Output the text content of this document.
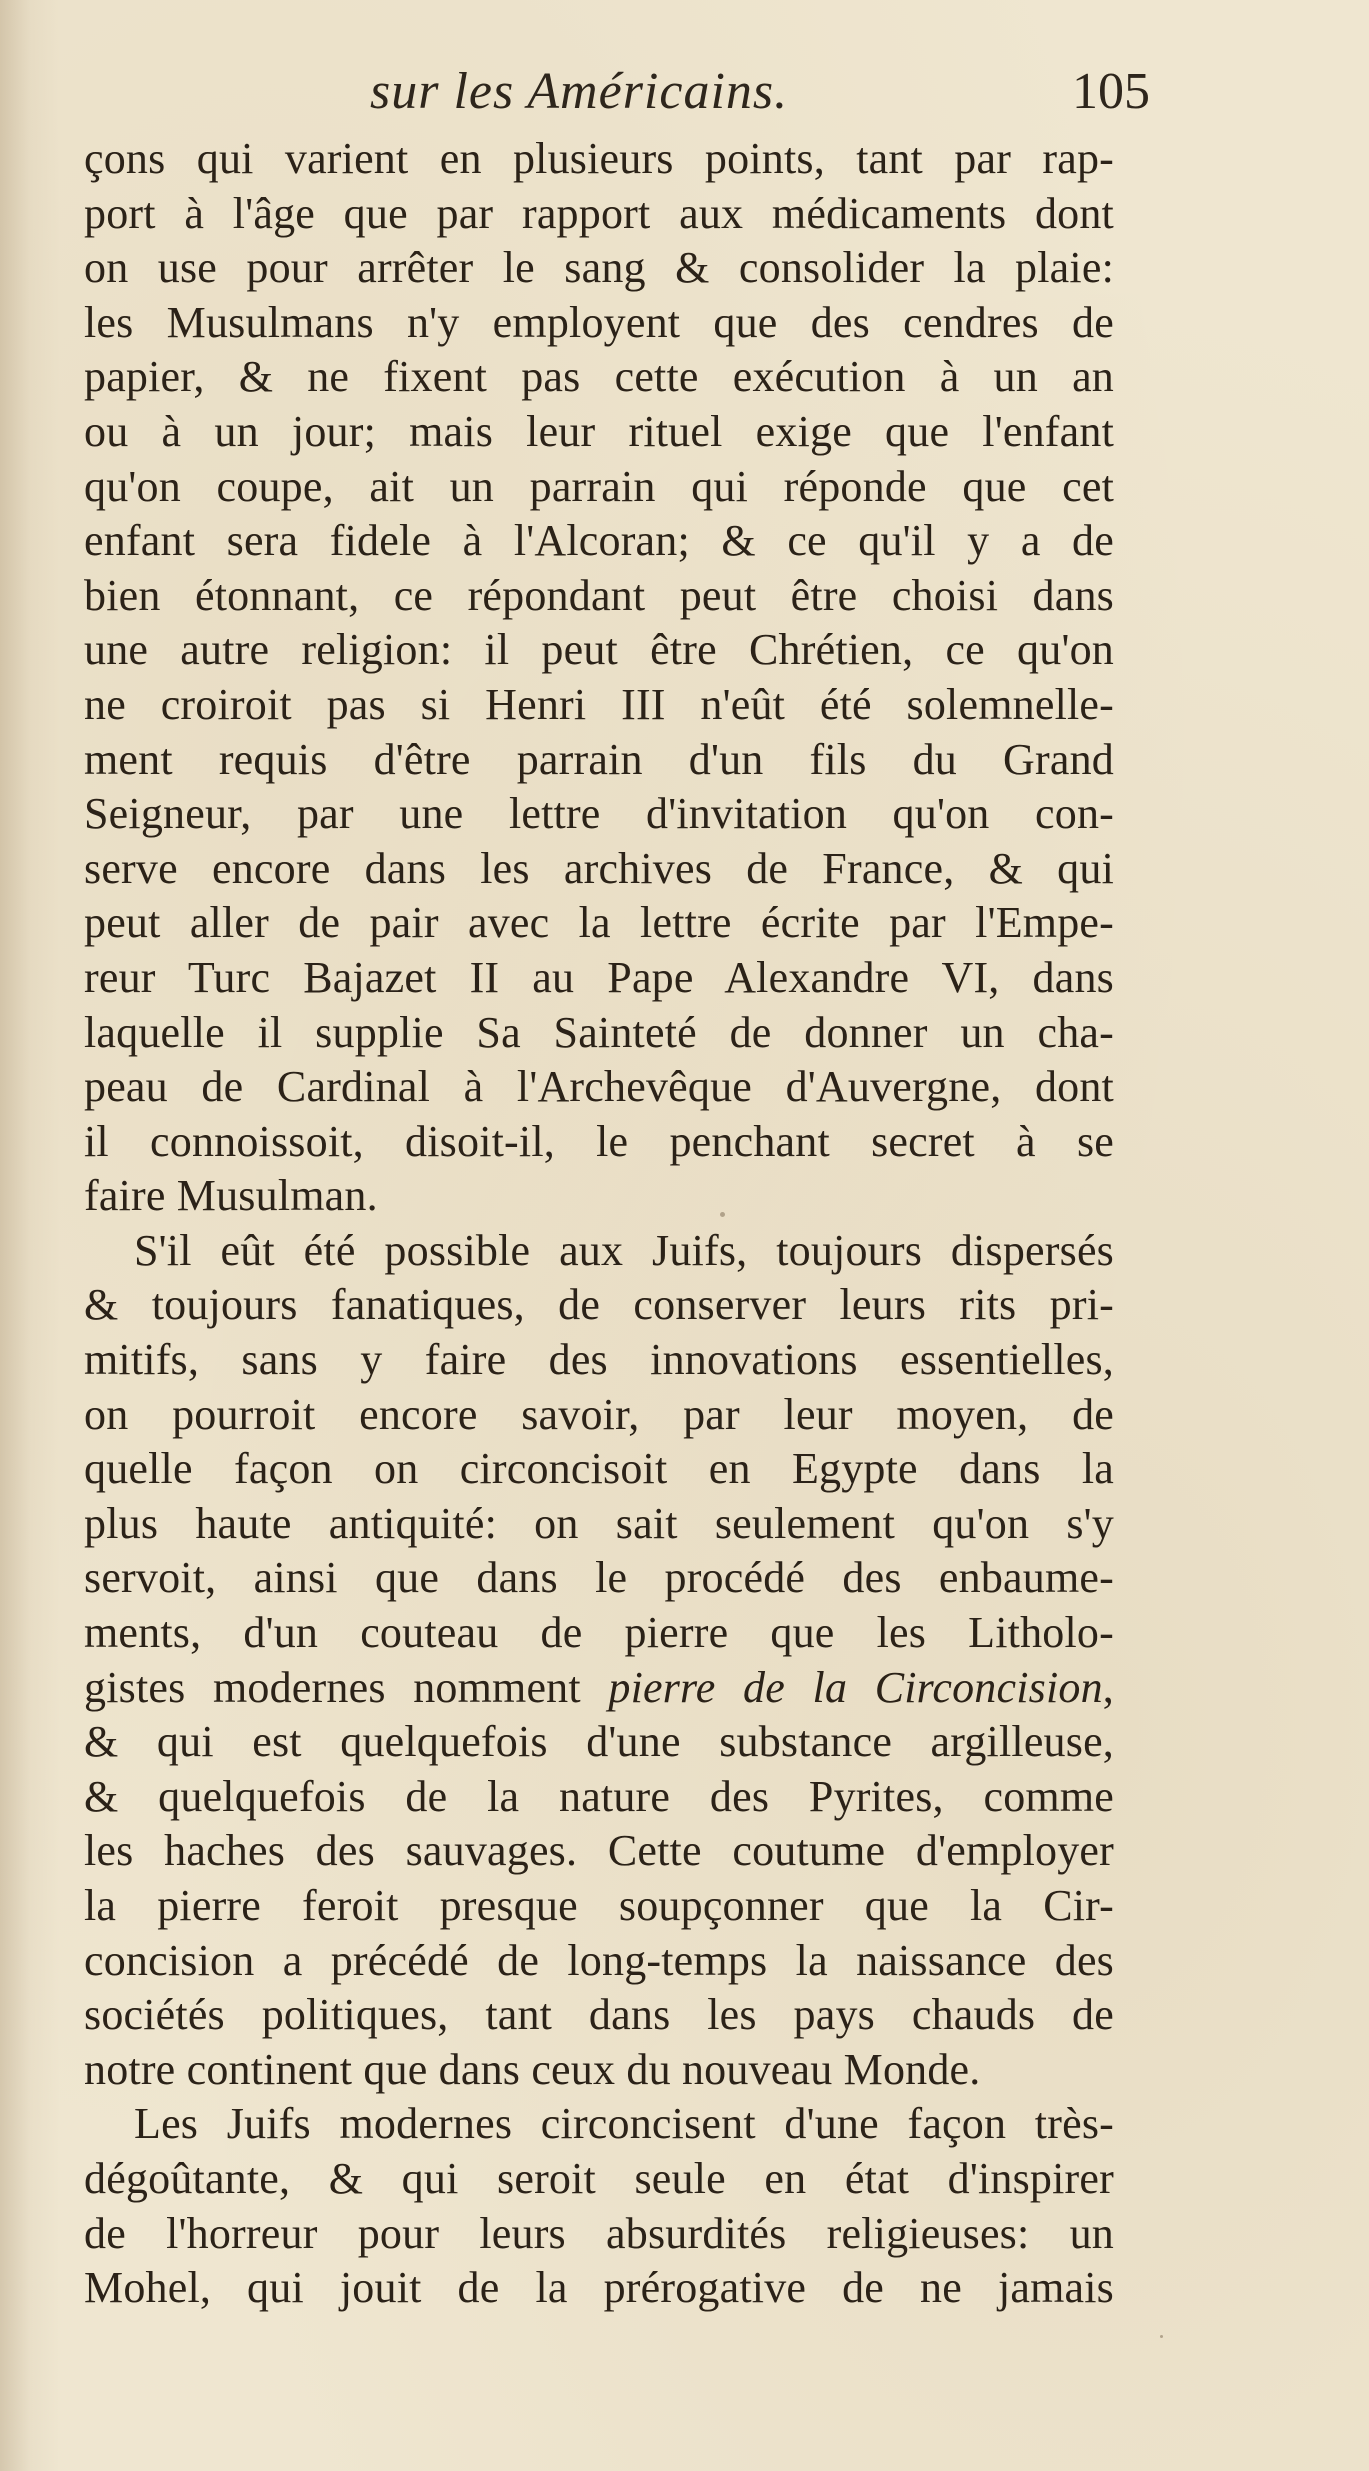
sur les Américains.	105
çons qui varient en plusieurs points, tant par rap-
port à l'âge que par rapport aux médicaments dont
on use pour arrêter le sang & consolider la plaie:
les Musulmans n'y employent que des cendres de
papier, & ne fixent pas cette exécution à un an
ou à un jour; mais leur rituel exige que l'enfant
qu'on coupe, ait un parrain qui réponde que cet
enfant sera fidele à l'Alcoran; & ce qu'il y a de
bien étonnant, ce répondant peut être choisi dans
une autre religion: il peut être Chrétien, ce qu'on
ne croiroit pas si Henri III n'eût été solemnelle-
ment requis d'être parrain d'un fils du Grand
Seigneur, par une lettre d'invitation qu'on con-
serve encore dans les archives de France, & qui
peut aller de pair avec la lettre écrite par l'Empe-
reur Turc Bajazet II au Pape Alexandre VI, dans
laquelle il supplie Sa Sainteté de donner un cha-
peau de Cardinal à l'Archevêque d'Auvergne, dont
il connoissoit, disoit-il, le penchant secret à se
faire Musulman.
S'il eût été possible aux Juifs, toujours dispersés
& toujours fanatiques, de conserver leurs rits pri-
mitifs, sans y faire des innovations essentielles,
on pourroit encore savoir, par leur moyen, de
quelle façon on circoncisoit en Egypte dans la
plus haute antiquité: on sait seulement qu'on s'y
servoit, ainsi que dans le procédé des enbaume-
ments, d'un couteau de pierre que les Litholo-
gistes modernes nomment pierre de la Circoncision,
& qui est quelquefois d'une substance argilleuse,
& quelquefois de la nature des Pyrites, comme
les haches des sauvages. Cette coutume d'employer
la pierre feroit presque soupçonner que la Cir-
concision a précédé de long-temps la naissance des
sociétés politiques, tant dans les pays chauds de
notre continent que dans ceux du nouveau Monde.
Les Juifs modernes circoncisent d'une façon très-
dégoûtante, & qui seroit seule en état d'inspirer
de l'horreur pour leurs absurdités religieuses: un
Mohel, qui jouit de la prérogative de ne jamais
